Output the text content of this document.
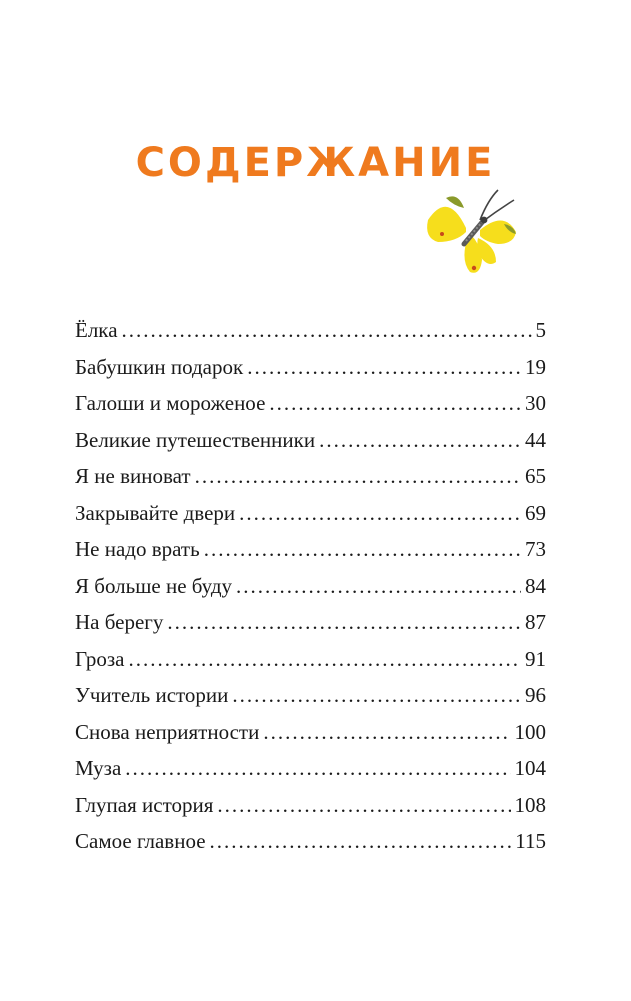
СОДЕРЖАНИЕ
Ёлка .....	5
Бабушкин подарок .....	19
Галоши и мороженое .....	30
Великие путешественники .....	44
Я не виноват .....	65
Закрывайте двери .....	69
Не надо врать .....	73
Я больше не буду .....	84
На берегу .....	87
Гроза .....	91
Учитель истории .....	96
Снова неприятности .....	100
Муза .....	104
Глупая история .....	108
Самое главное .....	115
